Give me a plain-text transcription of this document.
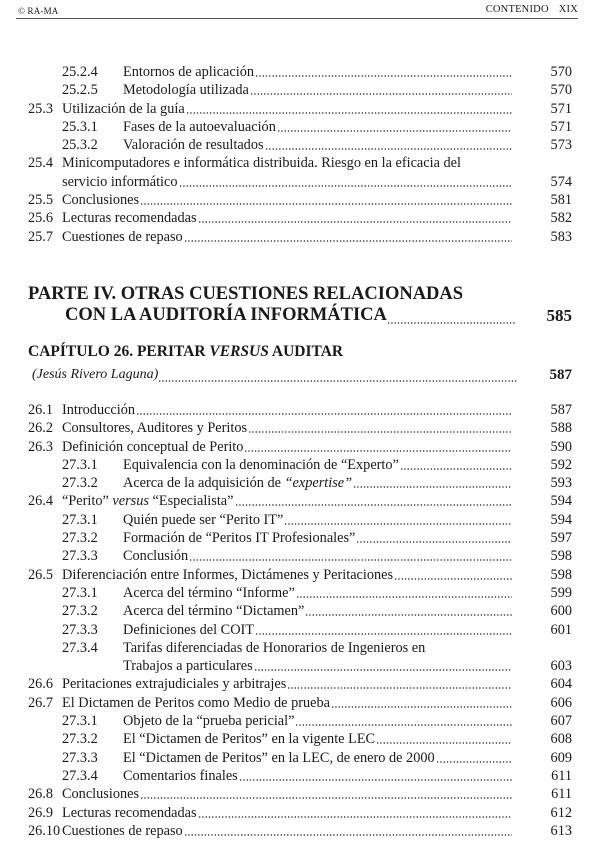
© RA-MA	CONTENIDO XIX
25.2.4 Entornos de aplicación	570
25.2.5 Metodología utilizada	570
25.3 Utilización de la guía	571
25.3.1 Fases de la autoevaluación	571
25.3.2 Valoración de resultados	573
25.4 Minicomputadores e informática distribuida. Riesgo en la eficacia del
servicio informático	574
25.5 Conclusiones	581
25.6 Lecturas recomendadas	582
25.7 Cuestiones de repaso	583
PARTE IV. OTRAS CUESTIONES RELACIONADAS
CON LA AUDITORÍA INFORMÁTICA	585
CAPÍTULO 26. PERITAR VERSUS AUDITAR
(Jesús Rivero Laguna)	587
26.1 Introducción	587
26.2 Consultores, Auditores y Peritos	588
26.3 Definición conceptual de Perito	590
27.3.1 Equivalencia con la denominación de “Experto”	592
27.3.2 Acerca de la adquisición de “expertise”	593
26.4 “Perito” versus “Especialista”	594
27.3.1 Quién puede ser “Perito IT”	594
27.3.2 Formación de “Peritos IT Profesionales”	597
27.3.3 Conclusión	598
26.5 Diferenciación entre Informes, Dictámenes y Peritaciones	598
27.3.1 Acerca del término “Informe”	599
27.3.2 Acerca del término “Dictamen”	600
27.3.3 Definiciones del COIT	601
27.3.4 Tarifas diferenciadas de Honorarios de Ingenieros en
Trabajos a particulares	603
26.6 Peritaciones extrajudiciales y arbitrajes	604
26.7 El Dictamen de Peritos como Medio de prueba	606
27.3.1 Objeto de la “prueba pericial”	607
27.3.2 El “Dictamen de Peritos” en la vigente LEC	608
27.3.3 El “Dictamen de Peritos” en la LEC, de enero de 2000	609
27.3.4 Comentarios finales	611
26.8 Conclusiones	611
26.9 Lecturas recomendadas	612
26.10 Cuestiones de repaso	613
